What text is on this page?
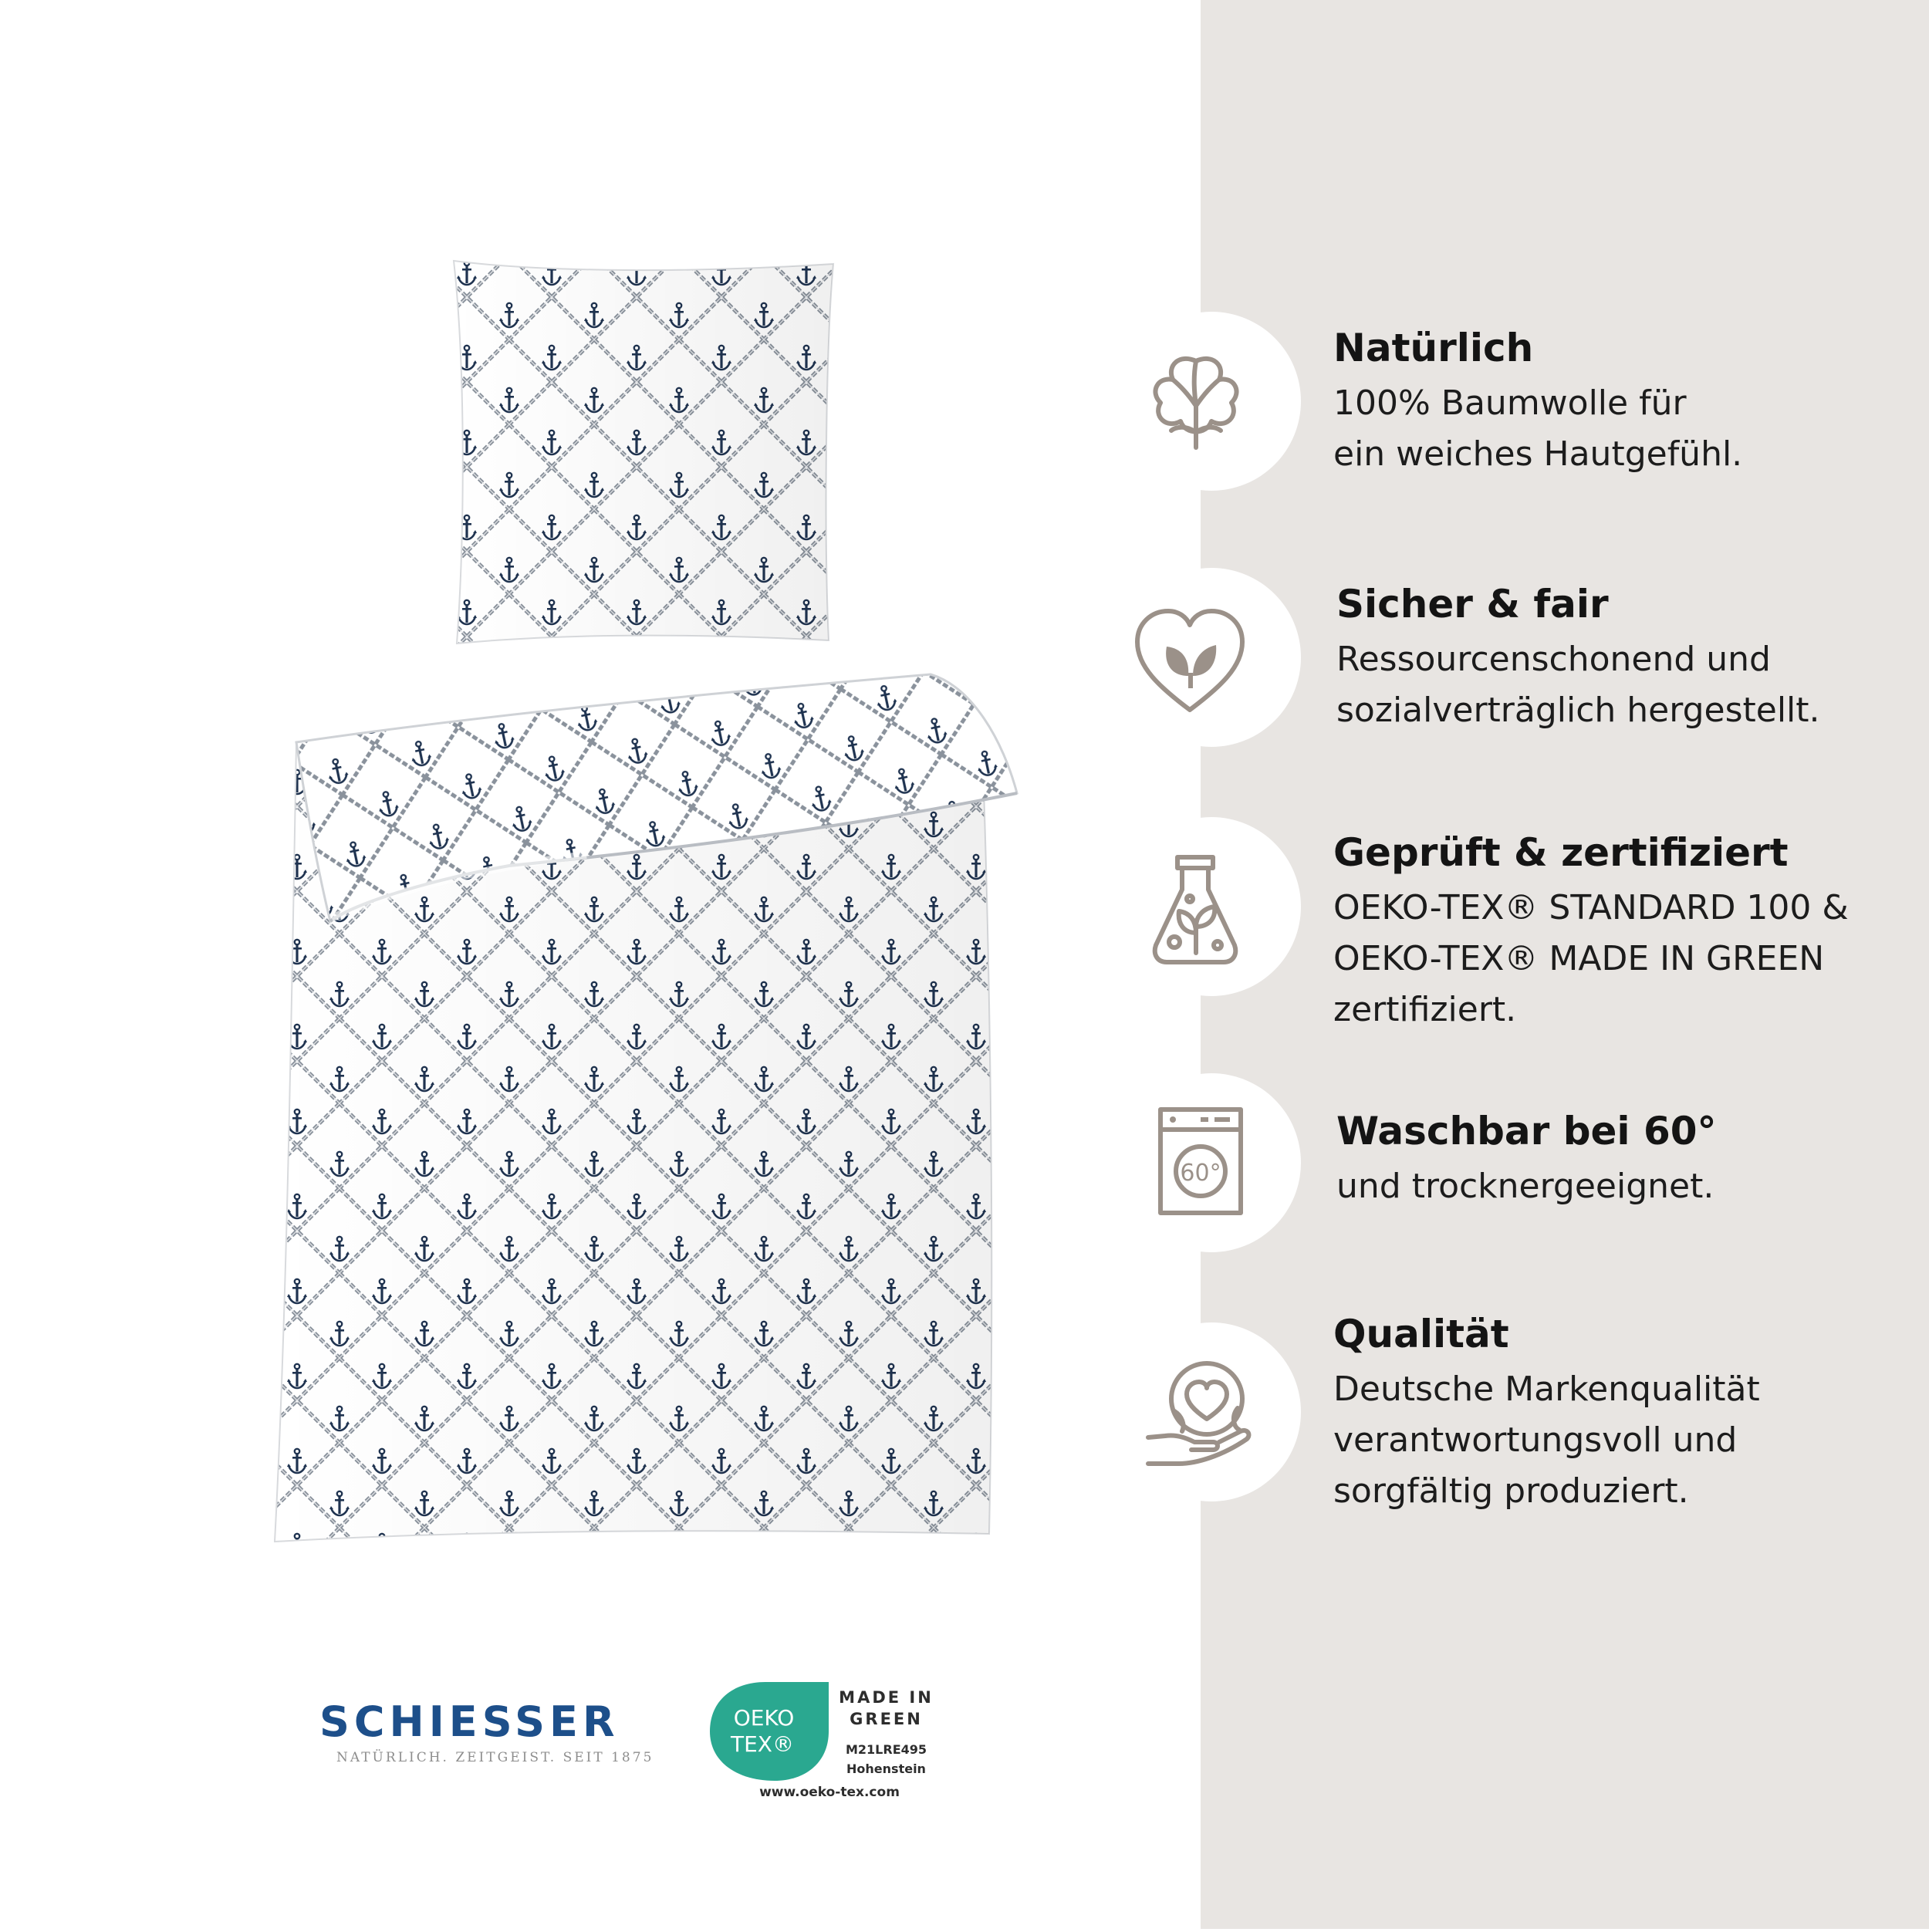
60°
Natürlich
100% Baumwolle für
ein weiches Hautgefühl.
Sicher & fair
Ressourcenschonend und
sozialverträglich hergestellt.
Geprüft & zertifiziert
OEKO-TEX® STANDARD 100 &
OEKO-TEX® MADE IN GREEN
zertifiziert.
Waschbar bei 60°
und trocknergeeignet.
Qualität
Deutsche Markenqualität
verantwortungsvoll und
sorgfältig produziert.
SCHIESSER
NATÜRLICH. ZEITGEIST. SEIT 1875
OEKO
TEX®
MADE IN
GREEN
M21LRE495
Hohenstein
www.oeko-tex.com
